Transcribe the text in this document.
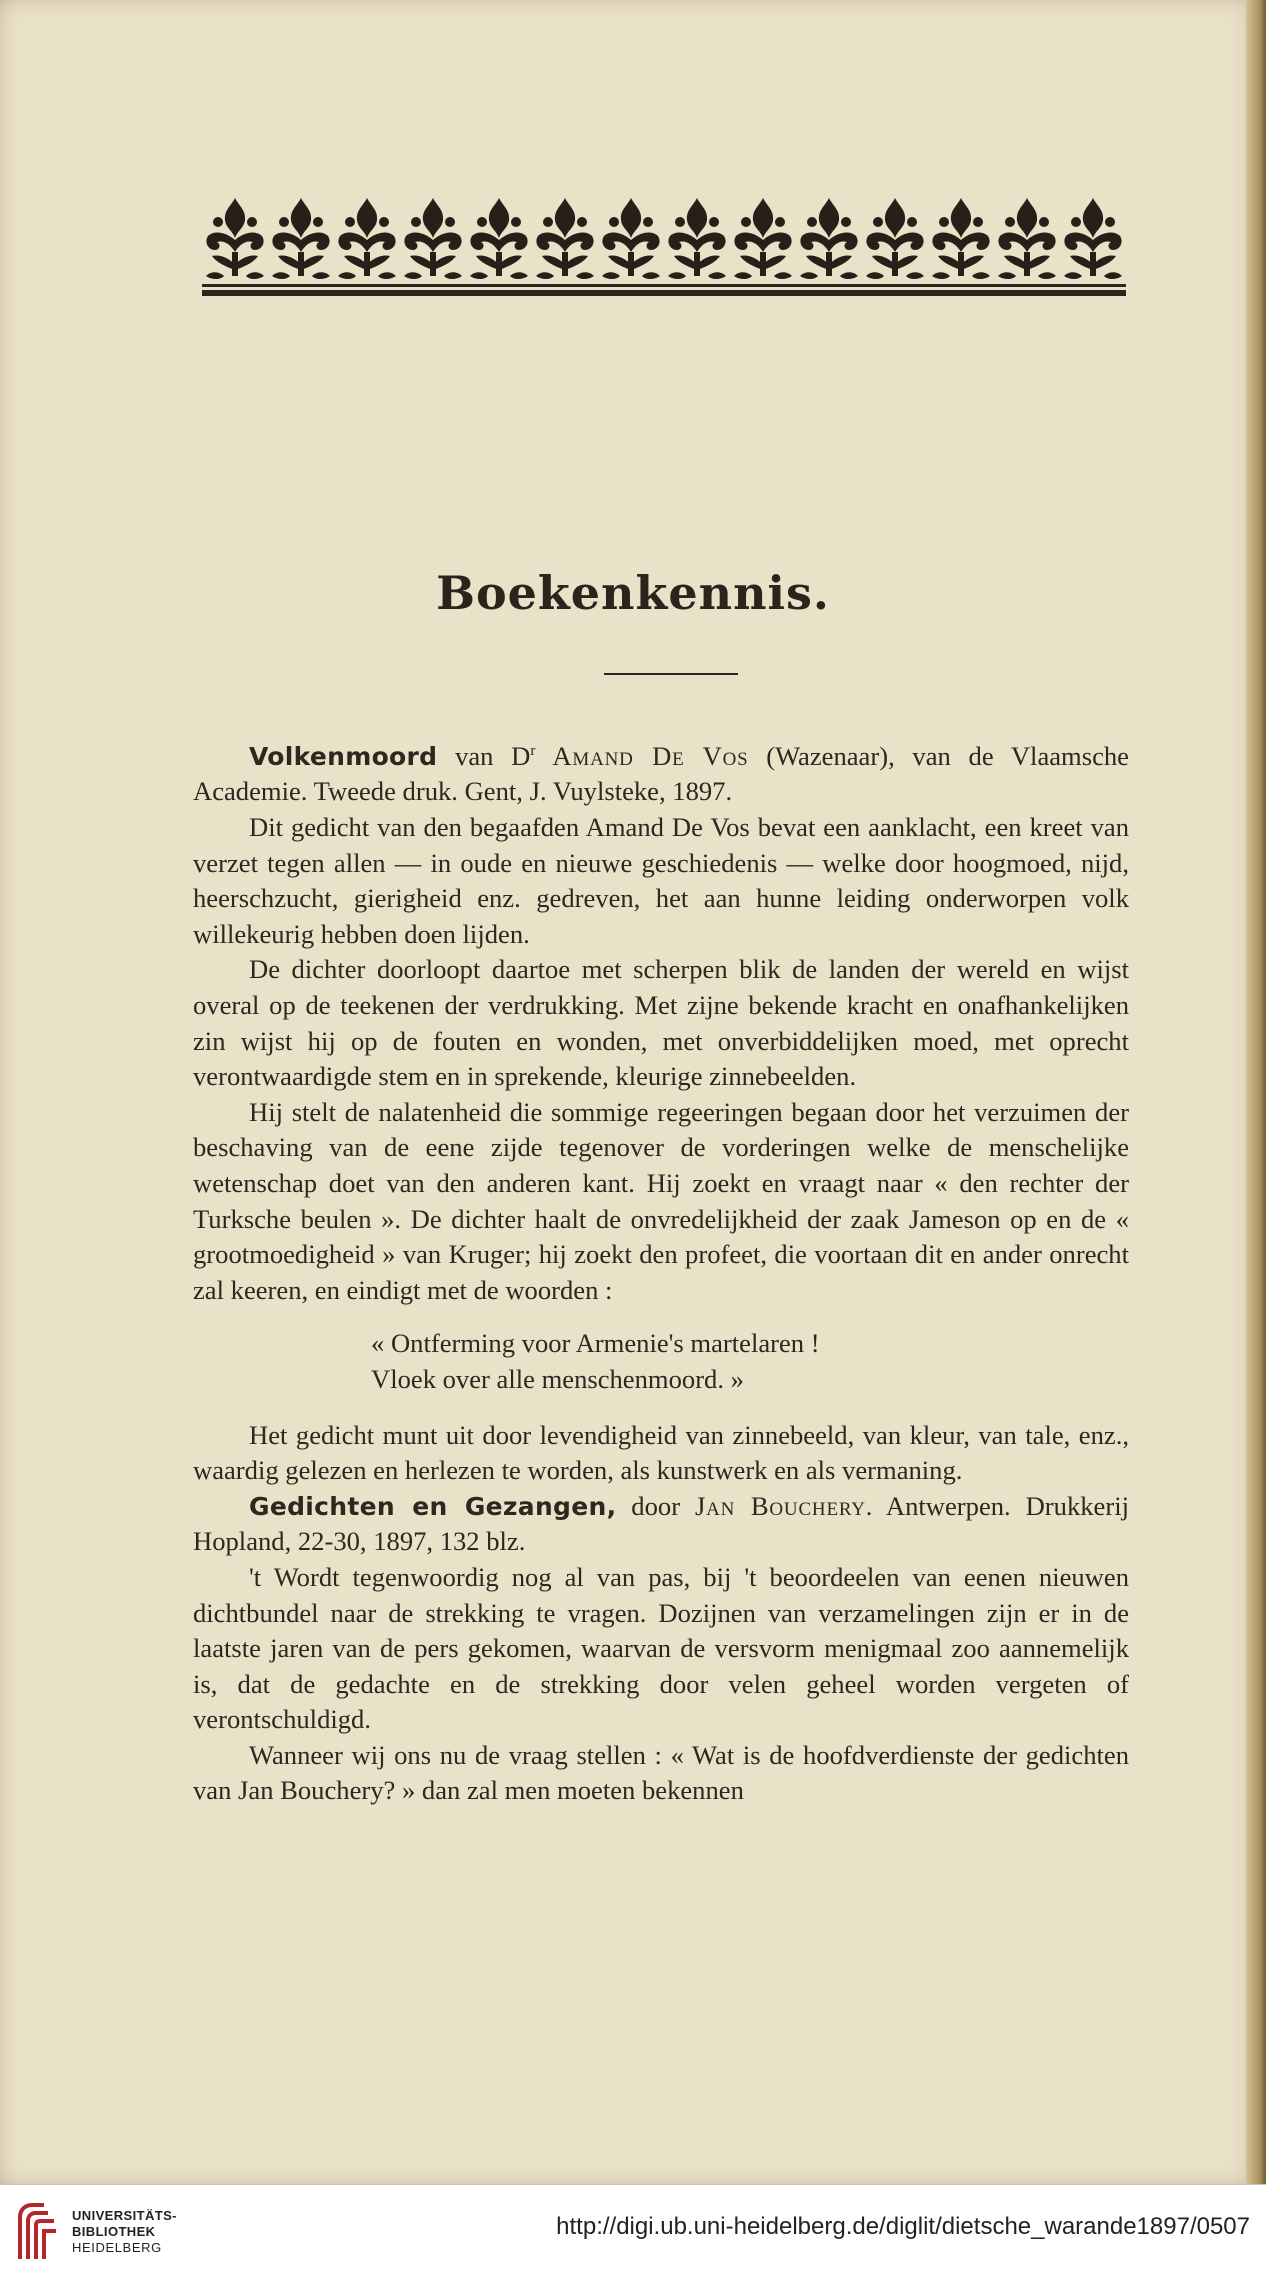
Boekenkennis.

Volkenmoord van $D^r$ Amand De Vos (Wazenaar), van de Vlaamsche Academie. Tweede druk. Gent, J. Vuylsteke, 1897.

Dit gedicht van den begaafden Amand De Vos bevat een aanklacht, een kreet van verzet tegen allen — in oude en nieuwe geschiedenis — welke door hoogmoed, nijd, heerschzucht, gierigheid enz. gedreven, het aan hunne leiding onderworpen volk willekeurig hebben doen lijden.

De dichter doorloopt daartoe met scherpen blik de landen der wereld en wijst overal op de teekenen der verdrukking. Met zijne bekende kracht en onafhankelijken zin wijst hij op de fouten en wonden, met onverbiddelijken moed, met oprecht verontwaardigde stem en in sprekende, kleurige zinnebeelden.

Hij stelt de nalatenheid die sommige regeeringen begaan door het verzuimen der beschaving van de eene zijde tegenover de vorderingen welke de menschelijke wetenschap doet van den anderen kant. Hij zoekt en vraagt naar « den rechter der Turksche beulen ». De dichter haalt de onvredelijkheid der zaak Jameson op en de « grootmoedigheid » van Kruger; hij zoekt den profeet, die voortaan dit en ander onrecht zal keeren, en eindigt met de woorden :

« Ontferming voor Armenie's martelaren !
Vloek over alle menschenmoord. »

Het gedicht munt uit door levendigheid van zinnebeeld, van kleur, van tale, enz., waardig gelezen en herlezen te worden, als kunstwerk en als vermaning.

Gedichten en Gezangen, door Jan Bouchery. Antwerpen. Drukkerij Hopland, 22-30, 1897, 132 blz.

't Wordt tegenwoordig nog al van pas, bij 't beoordeelen van eenen nieuwen dichtbundel naar de strekking te vragen. Dozijnen van verzamelingen zijn er in de laatste jaren van de pers gekomen, waarvan de versvorm menigmaal zoo aannemelijk is, dat de gedachte en de strekking door velen geheel worden vergeten of verontschuldigd.

Wanneer wij ons nu de vraag stellen : « Wat is de hoofdverdienste der gedichten van Jan Bouchery? » dan zal men moeten bekennen

UNIVERSITÄTS-
BIBLIOTHEK
HEIDELBERG
http://digi.ub.uni-heidelberg.de/diglit/dietsche_warande1897/0507
